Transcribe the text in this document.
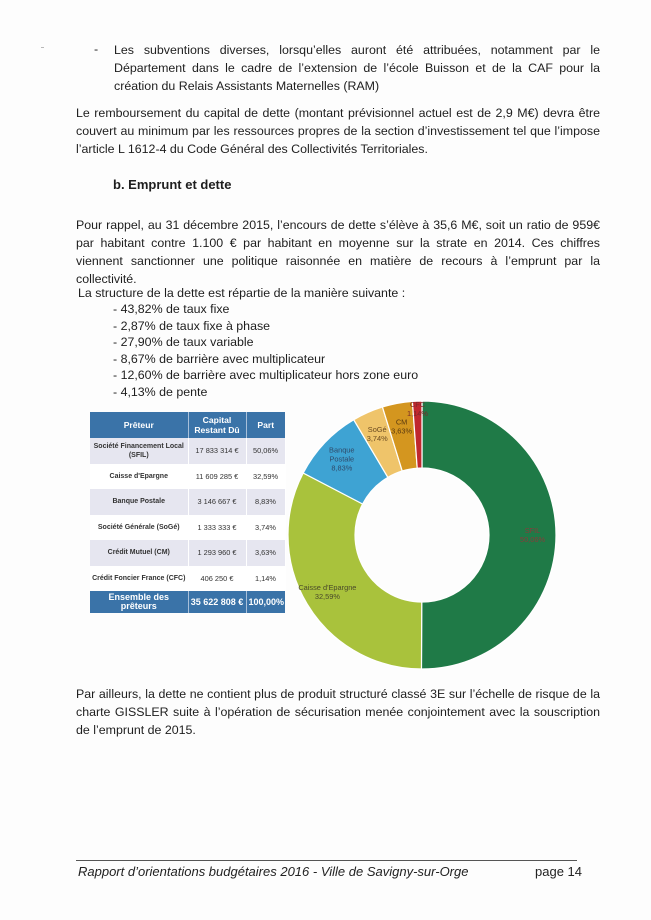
- Les subventions diverses, lorsqu’elles auront été attribuées, notamment par le Département dans le cadre de l’extension de l’école Buisson et de la CAF pour la création du Relais Assistants Maternelles (RAM)
Le remboursement du capital de dette (montant prévisionnel actuel est de 2,9 M€) devra être couvert au minimum par les ressources propres de la section d’investissement tel que l’impose l’article L 1612-4 du Code Général des Collectivités Territoriales.
b. Emprunt et dette
Pour rappel, au 31 décembre 2015, l’encours de dette s’élève à 35,6 M€, soit un ratio de 959€ par habitant contre 1.100 € par habitant en moyenne sur la strate en 2014. Ces chiffres viennent sanctionner une politique raisonnée en matière de recours à l’emprunt par la collectivité.
La structure de la dette est répartie de la manière suivante :
- 43,82% de taux fixe
- 2,87% de taux fixe à phase
- 27,90% de taux variable
- 8,67% de barrière avec multiplicateur
- 12,60% de barrière avec multiplicateur hors zone euro
- 4,13% de pente
Prêteur	Capital Restant Dû	Part
Société Financement Local (SFIL)	17 833 314 €	50,06%
Caisse d'Epargne	11 609 285 €	32,59%
Banque Postale	3 146 667 €	8,83%
Société Générale (SoGé)	1 333 333 €	3,74%
Crédit Mutuel (CM)	1 293 960 €	3,63%
Crédit Foncier France (CFC)	406 250 €	1,14%
Ensemble des prêteurs	35 622 808 €	100,00%
SFIL
50,06%
Caisse d'Epargne
32,59%
Banque
Postale
8,83%
SoGé
3,74%
CM
3,63%
CFC
1,14%
Par ailleurs, la dette ne contient plus de produit structuré classé 3E sur l’échelle de risque de la charte GISSLER suite à l’opération de sécurisation menée conjointement avec la souscription de l’emprunt de 2015.
Rapport d’orientations budgétaires 2016 - Ville de Savigny-sur-Orge	page 14
